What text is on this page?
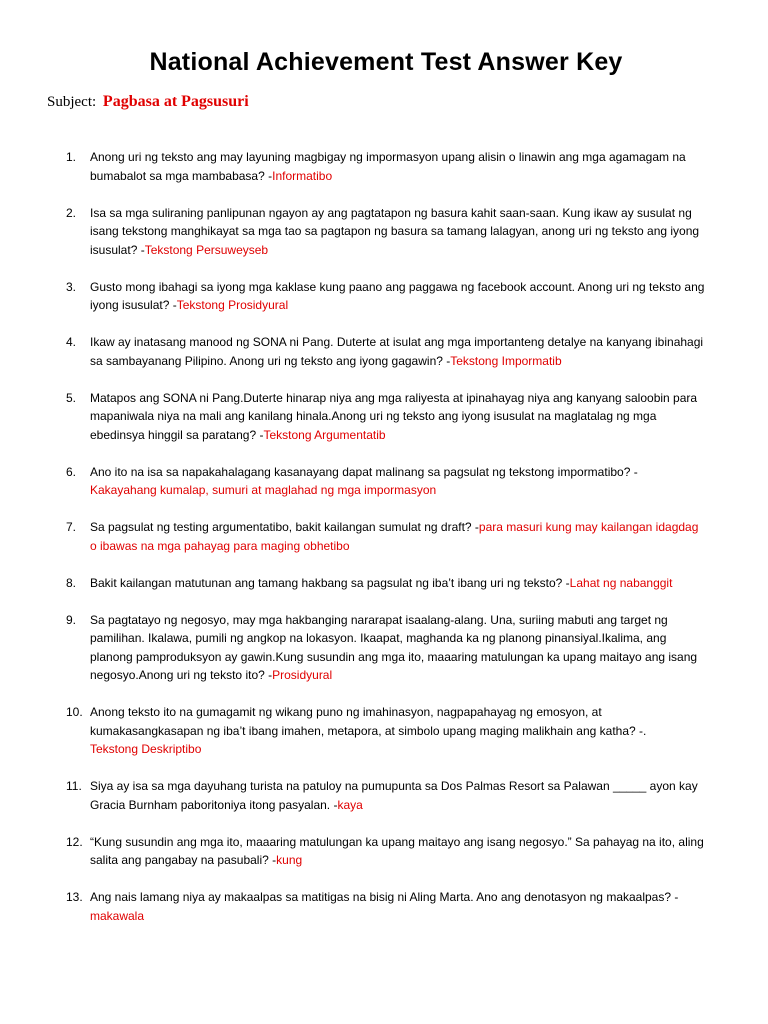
National Achievement Test Answer Key
Subject: Pagbasa at Pagsusuri
1.	Anong uri ng teksto ang may layuning magbigay ng impormasyon upang alisin o linawin ang mga agamagam na bumabalot sa mga mambabasa? -Informatibo
2.	Isa sa mga suliraning panlipunan ngayon ay ang pagtatapon ng basura kahit saan-saan. Kung ikaw ay susulat ng isang tekstong manghikayat sa mga tao sa pagtapon ng basura sa tamang lalagyan, anong uri ng teksto ang iyong isusulat? -Tekstong Persuweyseb
3.	Gusto mong ibahagi sa iyong mga kaklase kung paano ang paggawa ng facebook account. Anong uri ng teksto ang iyong isusulat? -Tekstong Prosidyural
4.	Ikaw ay inatasang manood ng SONA ni Pang. Duterte at isulat ang mga importanteng detalye na kanyang ibinahagi sa sambayanang Pilipino. Anong uri ng teksto ang iyong gagawin? -Tekstong Impormatib
5.	Matapos ang SONA ni Pang.Duterte hinarap niya ang mga raliyesta at ipinahayag niya ang kanyang saloobin para mapaniwala niya na mali ang kanilang hinala.Anong uri ng teksto ang iyong isusulat na maglatalag ng mga ebedinsya hinggil sa paratang? -Tekstong Argumentatib
6.	Ano ito na isa sa napakahalagang kasanayang dapat malinang sa pagsulat ng tekstong impormatibo? -
Kakayahang kumalap, sumuri at maglahad ng mga impormasyon
7.	Sa pagsulat ng testing argumentatibo, bakit kailangan sumulat ng draft? -para masuri kung may kailangan idagdag o ibawas na mga pahayag para maging obhetibo
8.	Bakit kailangan matutunan ang tamang hakbang sa pagsulat ng iba’t ibang uri ng teksto? -Lahat ng nabanggit
9.	Sa pagtatayo ng negosyo, may mga hakbanging nararapat isaalang-alang. Una, suriing mabuti ang target ng pamilihan. Ikalawa, pumili ng angkop na lokasyon. Ikaapat, maghanda ka ng planong pinansiyal.Ikalima, ang planong pamproduksyon ay gawin.Kung susundin ang mga ito, maaaring matulungan ka upang maitayo ang isang negosyo.Anong uri ng teksto ito? -Prosidyural
10. Anong teksto ito na gumagamit ng wikang puno ng imahinasyon, nagpapahayag ng emosyon, at kumakasangkasapan ng iba’t ibang imahen, metapora, at simbolo upang maging malikhain ang katha? -.
Tekstong Deskriptibo
11. Siya ay isa sa mga dayuhang turista na patuloy na pumupunta sa Dos Palmas Resort sa Palawan _____ ayon kay Gracia Burnham paboritoniya itong pasyalan. -kaya
12. “Kung susundin ang mga ito, maaaring matulungan ka upang maitayo ang isang negosyo.” Sa pahayag na ito, aling salita ang pangabay na pasubali? -kung
13. Ang nais lamang niya ay makaalpas sa matitigas na bisig ni Aling Marta. Ano ang denotasyon ng makaalpas? -
makawala
